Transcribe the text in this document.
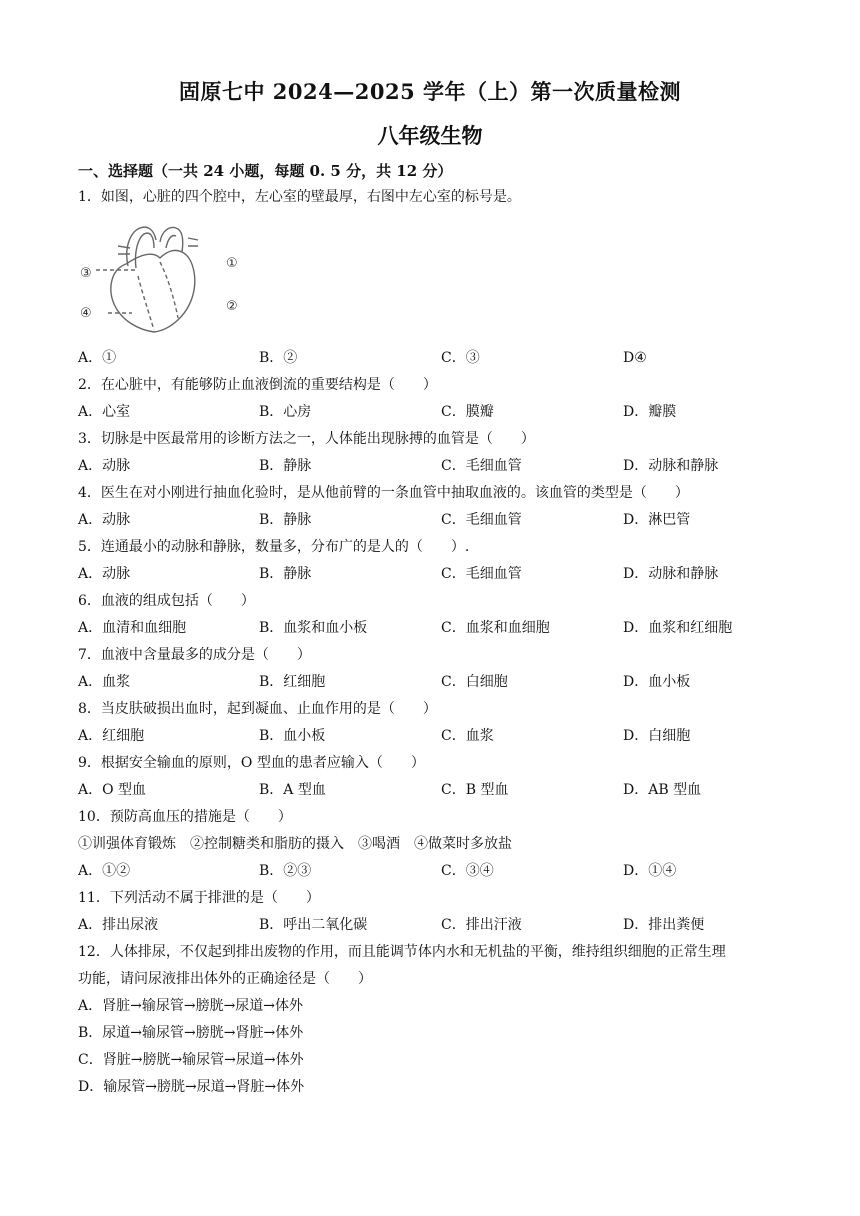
固原七中 2024—2025 学年（上）第一次质量检测
八年级生物
一、选择题（一共 24 小题，每题 0. 5 分，共 12 分）
1．如图，心脏的四个腔中，左心室的壁最厚，右图中左心室的标号是。
①
②
③
④
A．①	B．②	C．③	D④
2．在心脏中，有能够防止血液倒流的重要结构是（　　）
A．心室	B．心房	C．膜瓣	D．瓣膜
3．切脉是中医最常用的诊断方法之一，人体能出现脉搏的血管是（　　）
A．动脉	B．静脉	C．毛细血管	D．动脉和静脉
4．医生在对小刚进行抽血化验时，是从他前臂的一条血管中抽取血液的。该血管的类型是（　　）
A．动脉	B．静脉	C．毛细血管	D．淋巴管
5．连通最小的动脉和静脉，数量多，分布广的是人的（　　）.
A．动脉	B．静脉	C．毛细血管	D．动脉和静脉
6．血液的组成包括（　　）
A．血清和血细胞	B．血浆和血小板	C．血浆和血细胞	D．血浆和红细胞
7．血液中含量最多的成分是（　　）
A．血浆	B．红细胞	C．白细胞	D．血小板
8．当皮肤破损出血时，起到凝血、止血作用的是（　　）
A．红细胞	B．血小板	C．血浆	D．白细胞
9．根据安全输血的原则，O 型血的患者应输入（　　）
A．O 型血	B．A 型血	C．B 型血	D．AB 型血
10．预防高血压的措施是（　　）
①训强体育锻炼　②控制糖类和脂肪的摄入　③喝酒　④做菜时多放盐
A．①②	B．②③	C．③④	D．①④
11．下列活动不属于排泄的是（　　）
A．排出尿液	B．呼出二氧化碳	C．排出汗液	D．排出粪便
12．人体排尿，不仅起到排出废物的作用，而且能调节体内水和无机盐的平衡，维持组织细胞的正常生理
功能，请问尿液排出体外的正确途径是（　　）
A．肾脏→输尿管→膀胱→尿道→体外
B．尿道→输尿管→膀胱→肾脏→体外
C．肾脏→膀胱→输尿管→尿道→体外
D．输尿管→膀胱→尿道→肾脏→体外
